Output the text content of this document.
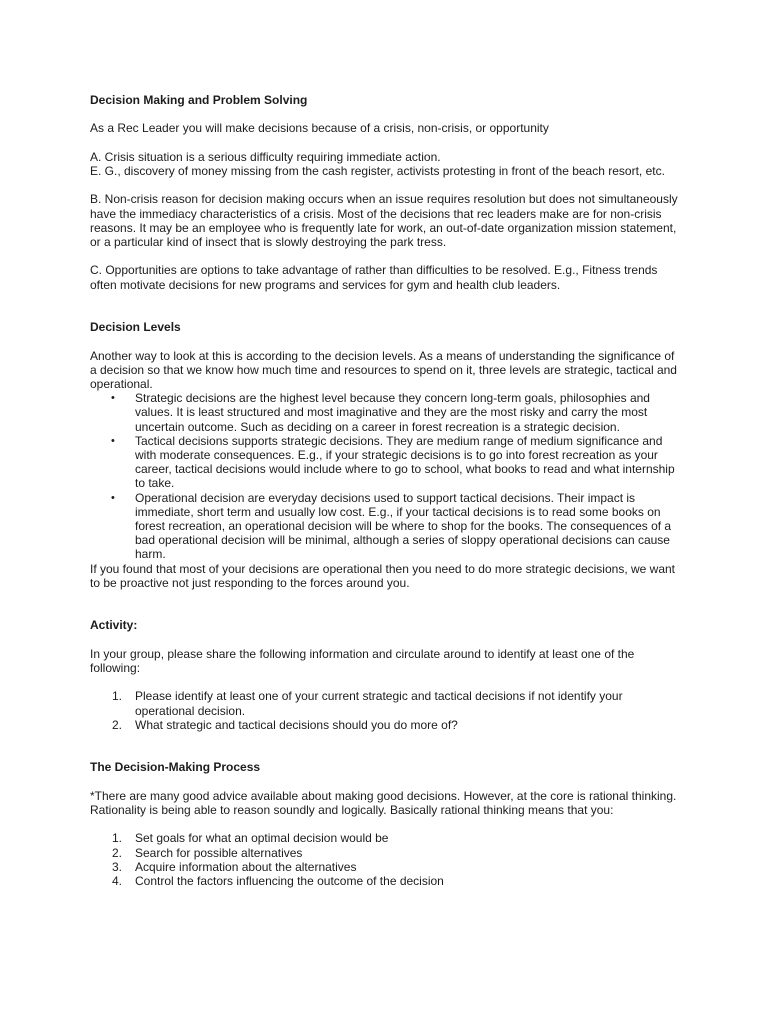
Decision Making and Problem Solving

As a Rec Leader you will make decisions because of a crisis, non-crisis, or opportunity

A. Crisis situation is a serious difficulty requiring immediate action.

E. G., discovery of money missing from the cash register, activists protesting in front of the beach resort, etc.

B. Non-crisis reason for decision making occurs when an issue requires resolution but does not simultaneously have the immediacy characteristics of a crisis. Most of the decisions that rec leaders make are for non-crisis reasons. It may be an employee who is frequently late for work, an out-of-date organization mission statement, or a particular kind of insect that is slowly destroying the park tress.

C. Opportunities are options to take advantage of rather than difficulties to be resolved. E.g., Fitness trends often motivate decisions for new programs and services for gym and health club leaders.

Decision Levels

Another way to look at this is according to the decision levels. As a means of understanding the significance of a decision so that we know how much time and resources to spend on it, three levels are strategic, tactical and operational.

• Strategic decisions are the highest level because they concern long-term goals, philosophies and values. It is least structured and most imaginative and they are the most risky and carry the most uncertain outcome. Such as deciding on a career in forest recreation is a strategic decision.
• Tactical decisions supports strategic decisions. They are medium range of medium significance and with moderate consequences. E.g., if your strategic decisions is to go into forest recreation as your career, tactical decisions would include where to go to school, what books to read and what internship to take.
• Operational decision are everyday decisions used to support tactical decisions. Their impact is immediate, short term and usually low cost. E.g., if your tactical decisions is to read some books on forest recreation, an operational decision will be where to shop for the books. The consequences of a bad operational decision will be minimal, although a series of sloppy operational decisions can cause harm.

If you found that most of your decisions are operational then you need to do more strategic decisions, we want to be proactive not just responding to the forces around you.

Activity:

In your group, please share the following information and circulate around to identify at least one of the following:

1. Please identify at least one of your current strategic and tactical decisions if not identify your operational decision.
2. What strategic and tactical decisions should you do more of?
The Decision-Making Process

*There are many good advice available about making good decisions. However, at the core is rational thinking. Rationality is being able to reason soundly and logically. Basically rational thinking means that you:

1. Set goals for what an optimal decision would be
2. Search for possible alternatives
3. Acquire information about the alternatives
4. Control the factors influencing the outcome of the decision
